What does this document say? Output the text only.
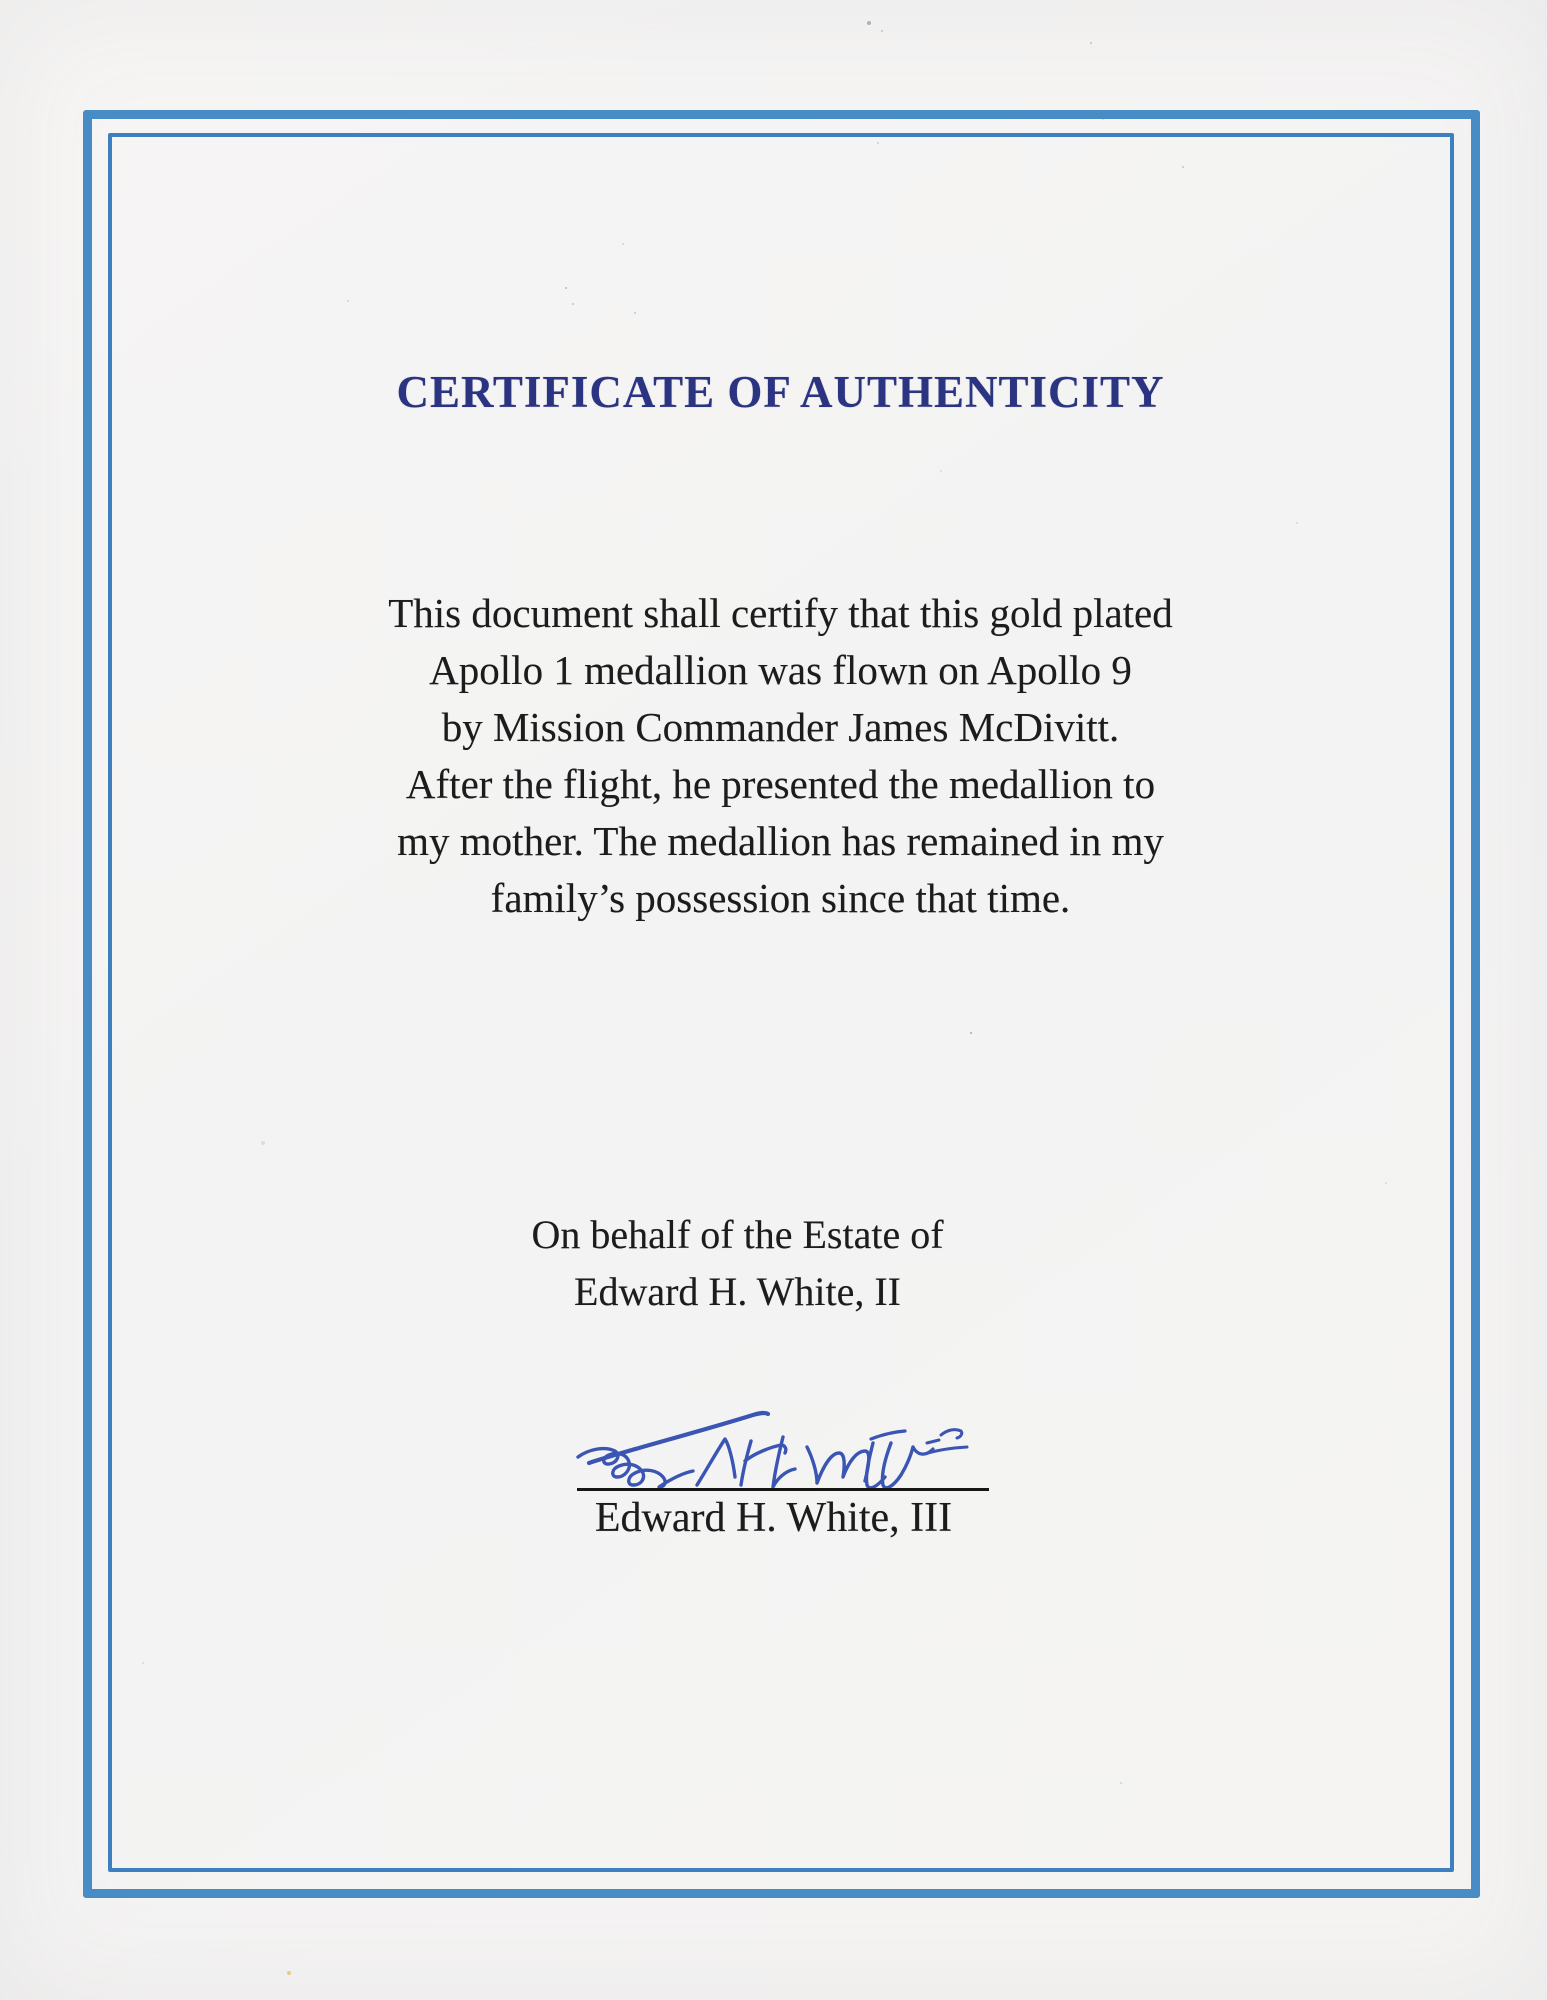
CERTIFICATE OF AUTHENTICITY
This document shall certify that this gold plated
Apollo 1 medallion was flown on Apollo 9
by Mission Commander James McDivitt.
After the flight, he presented the medallion to
my mother. The medallion has remained in my
family’s possession since that time.
On behalf of the Estate of
Edward H. White, II
Edward H. White, III
